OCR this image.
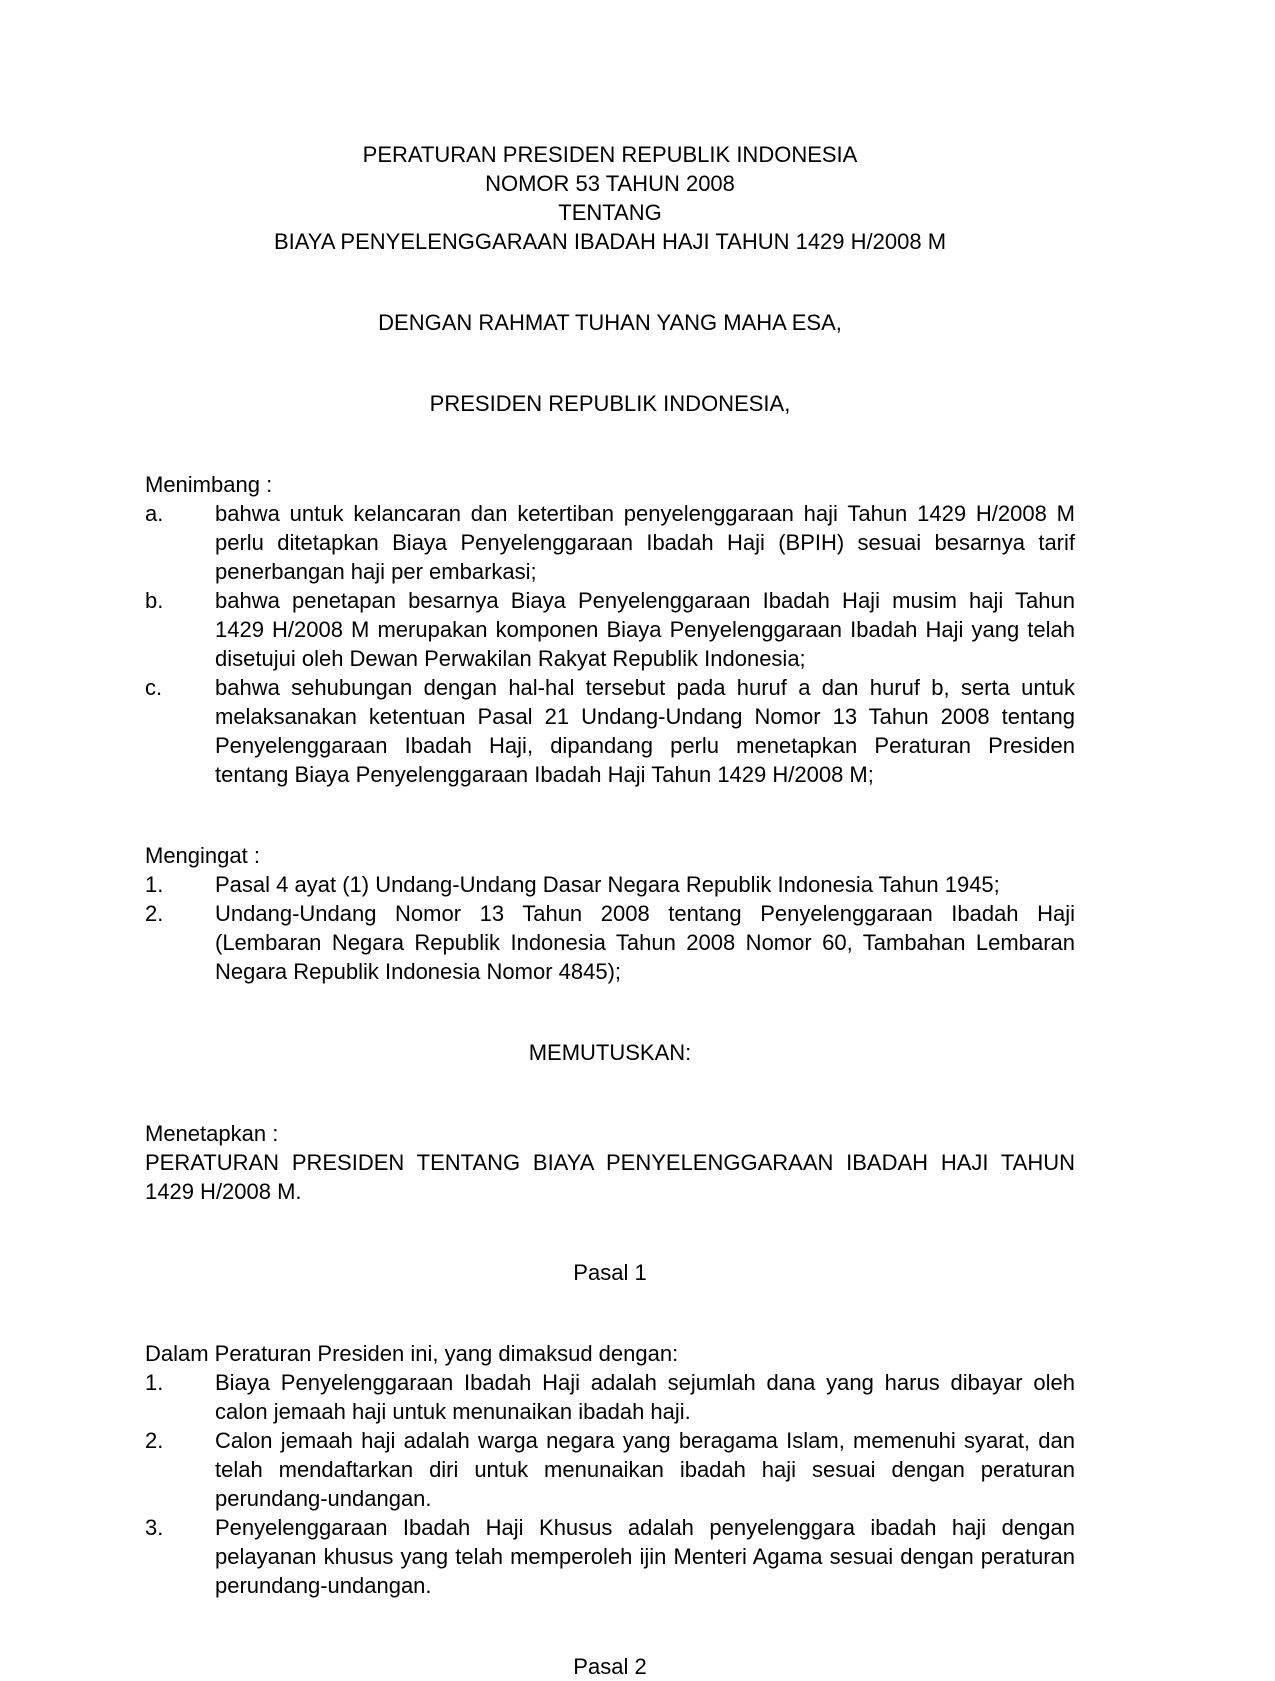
PERATURAN PRESIDEN REPUBLIK INDONESIA
NOMOR 53 TAHUN 2008
TENTANG
BIAYA PENYELENGGARAAN IBADAH HAJI TAHUN 1429 H/2008 M
DENGAN RAHMAT TUHAN YANG MAHA ESA,
PRESIDEN REPUBLIK INDONESIA,
Menimbang :
a.	bahwa untuk kelancaran dan ketertiban penyelenggaraan haji Tahun 1429 H/2008 M perlu ditetapkan Biaya Penyelenggaraan Ibadah Haji (BPIH) sesuai besarnya tarif penerbangan haji per embarkasi;
b.	bahwa penetapan besarnya Biaya Penyelenggaraan Ibadah Haji musim haji Tahun 1429 H/2008 M merupakan komponen Biaya Penyelenggaraan Ibadah Haji yang telah disetujui oleh Dewan Perwakilan Rakyat Republik Indonesia;
c.	bahwa sehubungan dengan hal-hal tersebut pada huruf a dan huruf b, serta untuk melaksanakan ketentuan Pasal 21 Undang-Undang Nomor 13 Tahun 2008 tentang Penyelenggaraan Ibadah Haji, dipandang perlu menetapkan Peraturan Presiden tentang Biaya Penyelenggaraan Ibadah Haji Tahun 1429 H/2008 M;
Mengingat :
1.	Pasal 4 ayat (1) Undang-Undang Dasar Negara Republik Indonesia Tahun 1945;
2.	Undang-Undang Nomor 13 Tahun 2008 tentang Penyelenggaraan Ibadah Haji (Lembaran Negara Republik Indonesia Tahun 2008 Nomor 60, Tambahan Lembaran Negara Republik Indonesia Nomor 4845);
MEMUTUSKAN:
Menetapkan :
PERATURAN PRESIDEN TENTANG BIAYA PENYELENGGARAAN IBADAH HAJI TAHUN 1429 H/2008 M.
Pasal 1
Dalam Peraturan Presiden ini, yang dimaksud dengan:
1.	Biaya Penyelenggaraan Ibadah Haji adalah sejumlah dana yang harus dibayar oleh calon jemaah haji untuk menunaikan ibadah haji.
2.	Calon jemaah haji adalah warga negara yang beragama Islam, memenuhi syarat, dan telah mendaftarkan diri untuk menunaikan ibadah haji sesuai dengan peraturan perundang-undangan.
3.	Penyelenggaraan Ibadah Haji Khusus adalah penyelenggara ibadah haji dengan pelayanan khusus yang telah memperoleh ijin Menteri Agama sesuai dengan peraturan perundang-undangan.
Pasal 2
